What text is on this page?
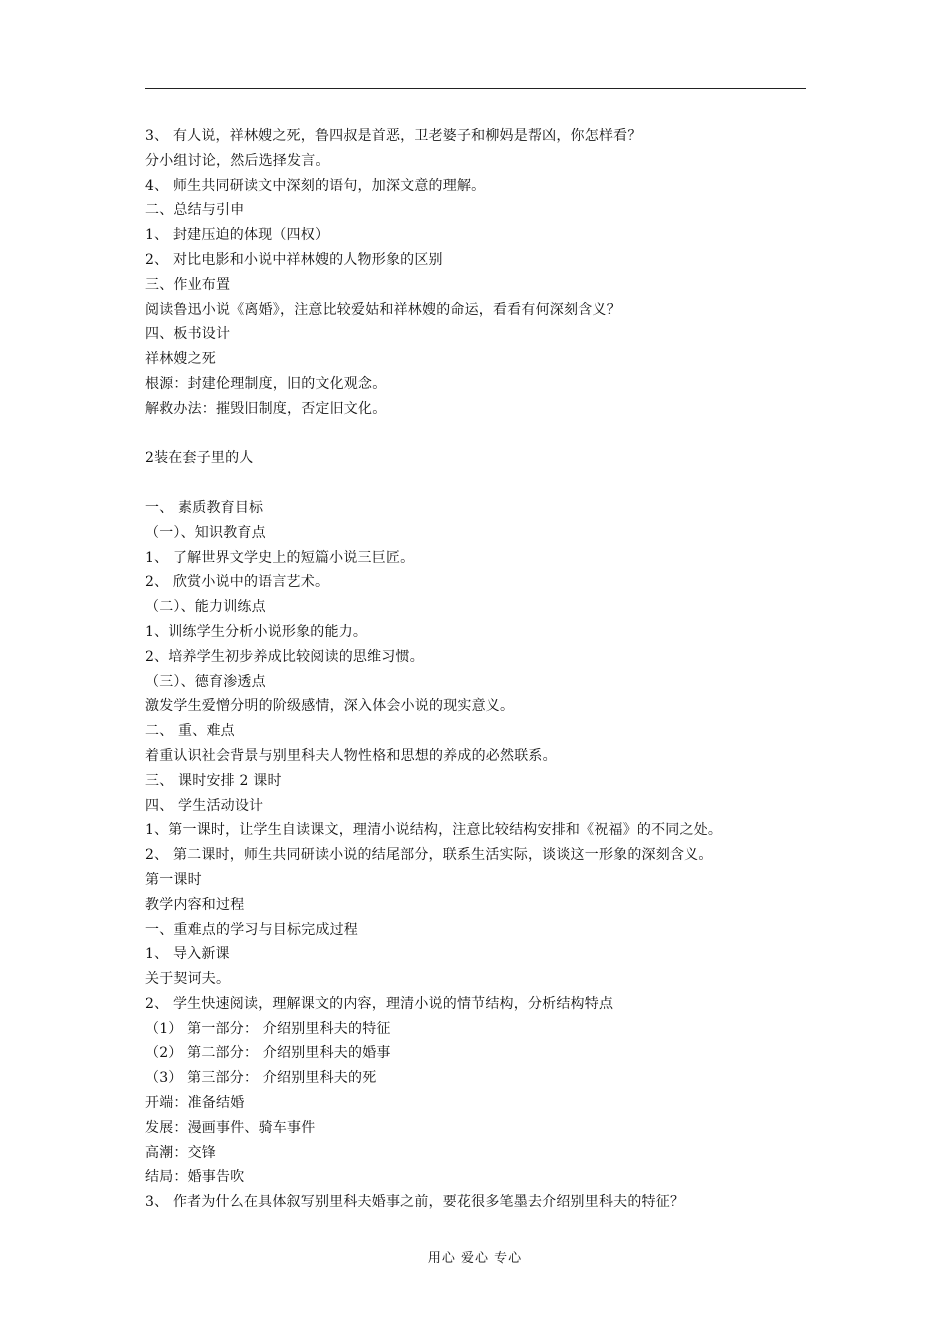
3、 有人说，祥林嫂之死，鲁四叔是首恶，卫老婆子和柳妈是帮凶，你怎样看？
分小组讨论，然后选择发言。
4、 师生共同研读文中深刻的语句，加深文意的理解。
二、总结与引申
1、 封建压迫的体现（四权）
2、 对比电影和小说中祥林嫂的人物形象的区别
三、作业布置
阅读鲁迅小说《离婚》，注意比较爱姑和祥林嫂的命运，看看有何深刻含义？
四、板书设计
祥林嫂之死
根源：封建伦理制度，旧的文化观念。
解救办法：摧毁旧制度，否定旧文化。
2装在套子里的人
一、 素质教育目标
（一）、知识教育点
1、 了解世界文学史上的短篇小说三巨匠。
2、 欣赏小说中的语言艺术。
（二）、能力训练点
1、训练学生分析小说形象的能力。
2、培养学生初步养成比较阅读的思维习惯。
（三）、德育渗透点
激发学生爱憎分明的阶级感情，深入体会小说的现实意义。
二、 重、难点
着重认识社会背景与别里科夫人物性格和思想的养成的必然联系。
三、 课时安排 2 课时
四、 学生活动设计
1、第一课时，让学生自读课文，理清小说结构，注意比较结构安排和《祝福》的不同之处。
2、 第二课时，师生共同研读小说的结尾部分，联系生活实际，谈谈这一形象的深刻含义。
第一课时
教学内容和过程
一、重难点的学习与目标完成过程
1、 导入新课
关于契诃夫。
2、 学生快速阅读，理解课文的内容，理清小说的情节结构，分析结构特点
（1） 第一部分： 介绍别里科夫的特征
（2） 第二部分： 介绍别里科夫的婚事
（3） 第三部分： 介绍别里科夫的死
开端：准备结婚
发展：漫画事件、骑车事件
高潮：交锋
结局：婚事告吹
3、 作者为什么在具体叙写别里科夫婚事之前，要花很多笔墨去介绍别里科夫的特征？
用心 爱心 专心
